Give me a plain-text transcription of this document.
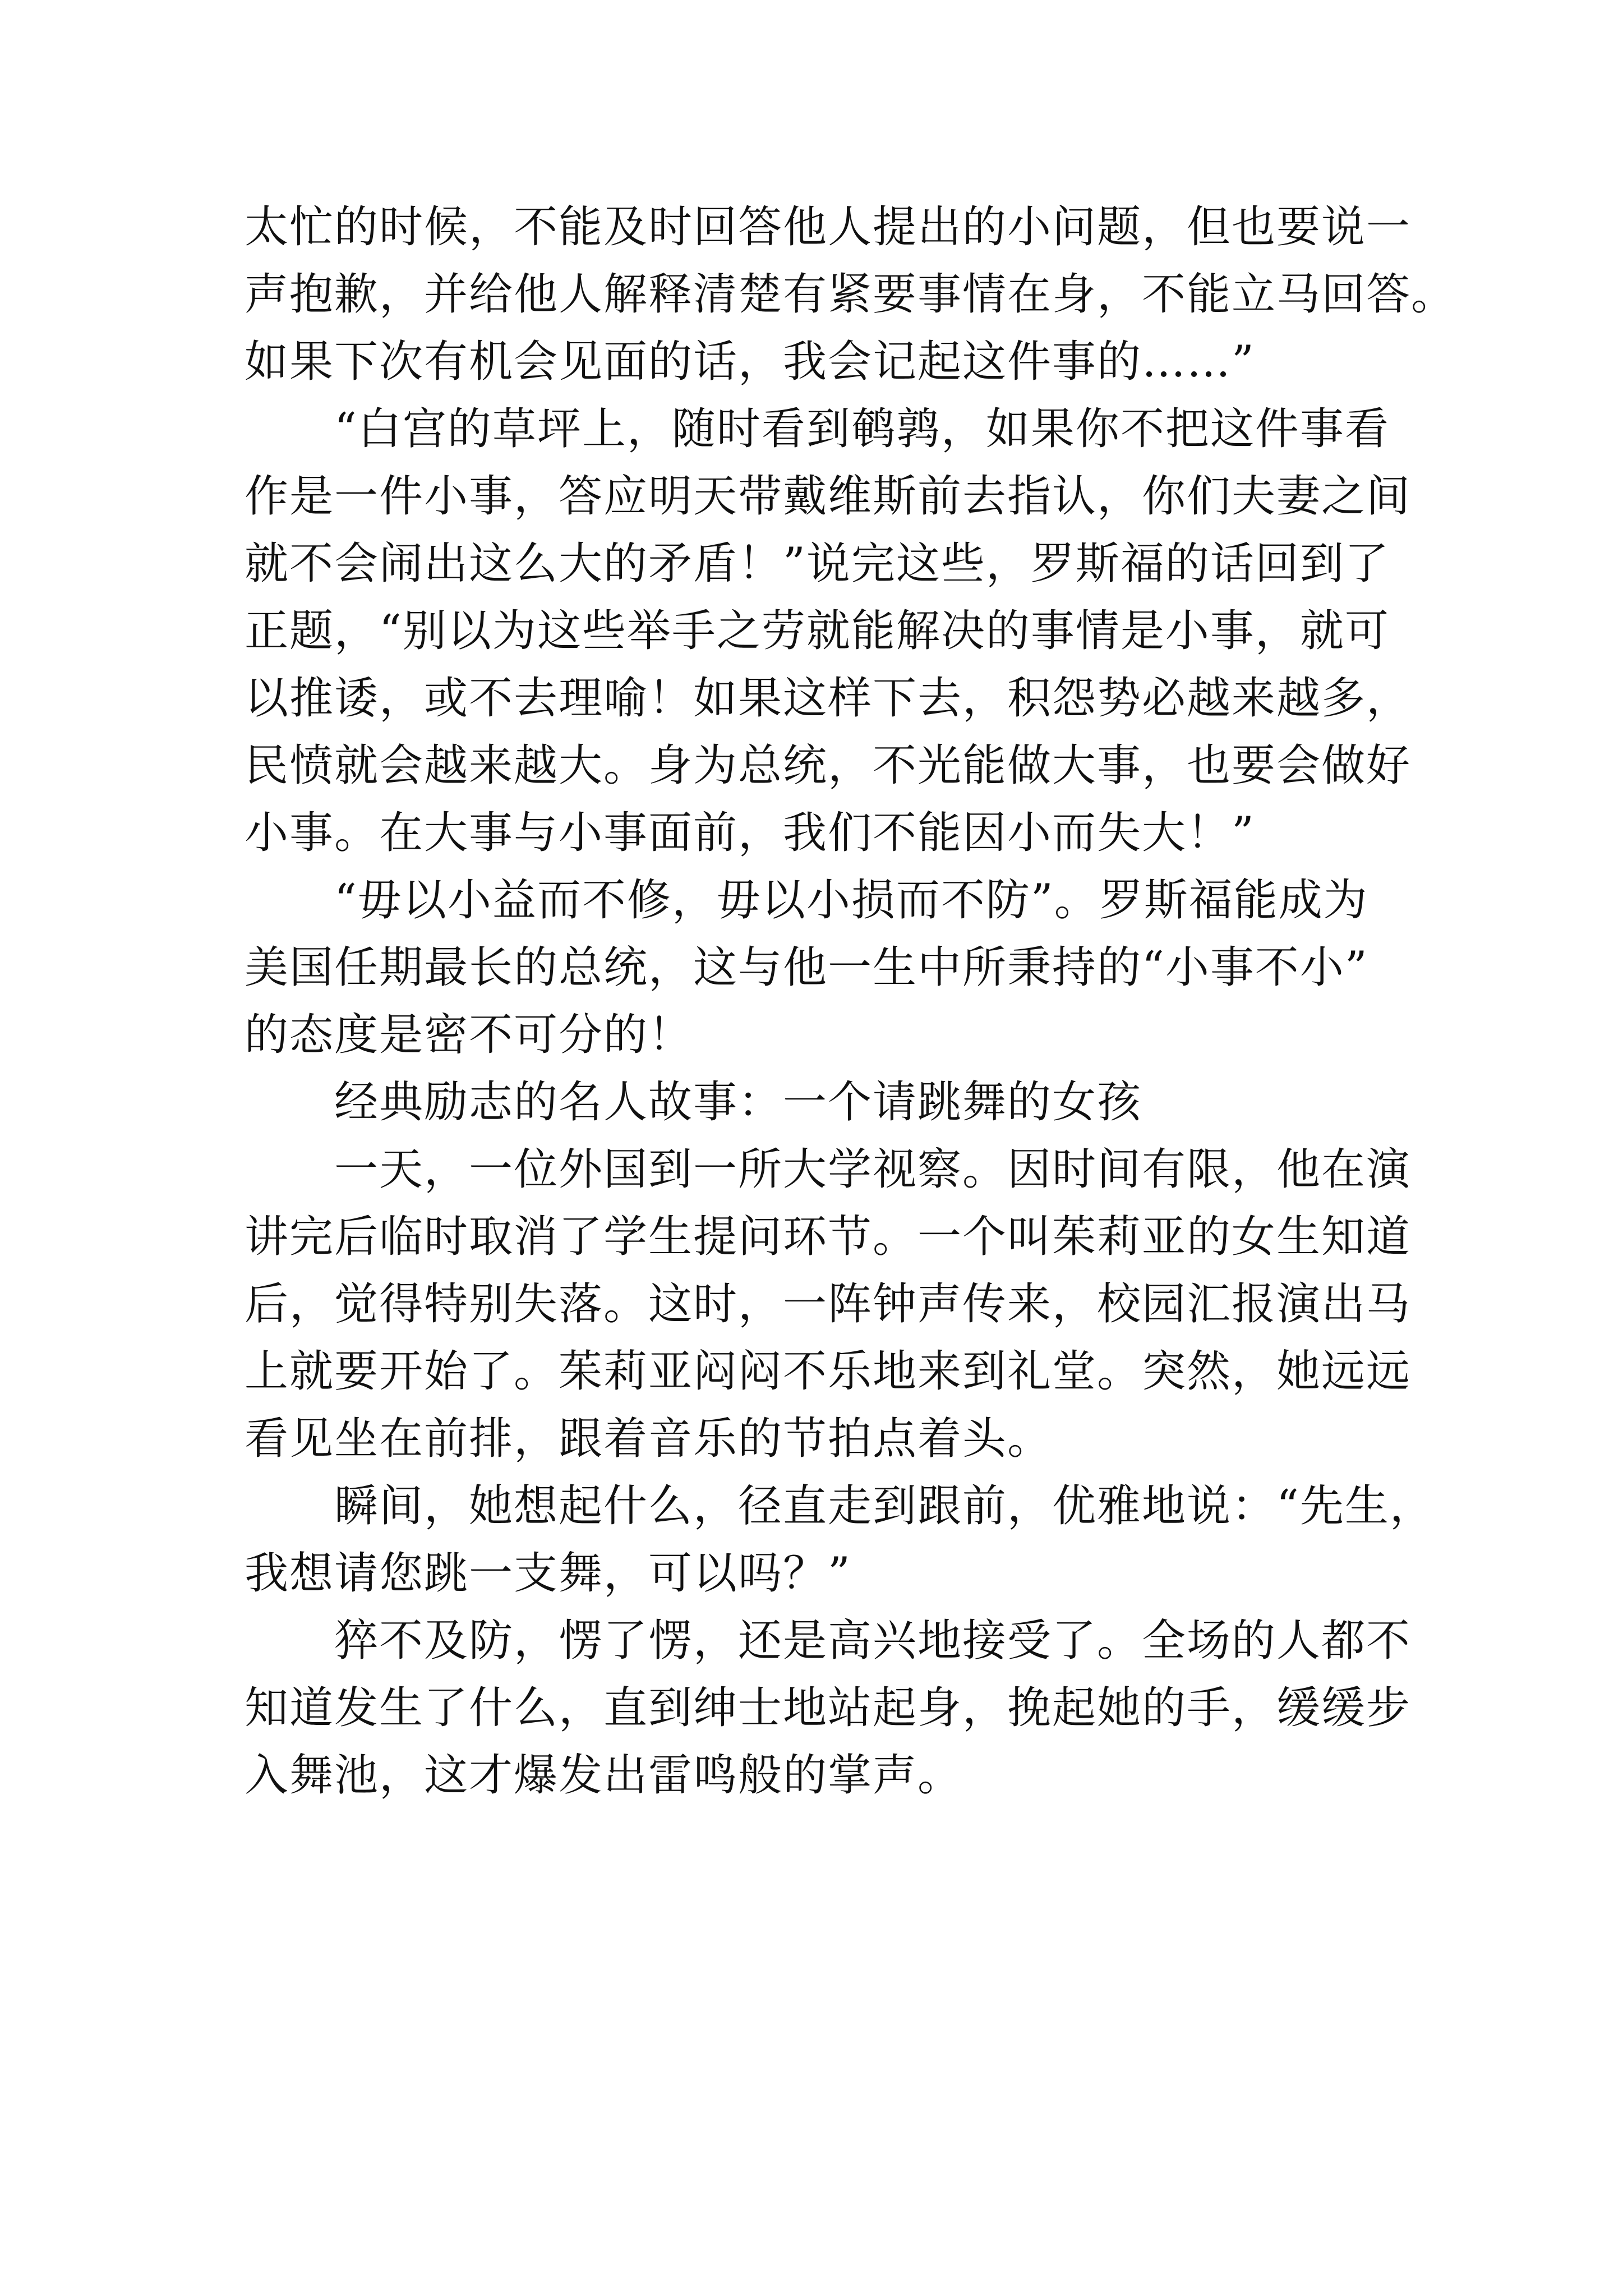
太忙的时候，不能及时回答他人提出的小问题，但也要说一
声抱歉，并给他人解释清楚有紧要事情在身，不能立马回答。
如果下次有机会见面的话，我会记起这件事的……”
　　“白宫的草坪上，随时看到鹌鹑，如果你不把这件事看
作是一件小事，答应明天带戴维斯前去指认，你们夫妻之间
就不会闹出这么大的矛盾！”说完这些，罗斯福的话回到了
正题，“别以为这些举手之劳就能解决的事情是小事，就可
以推诿，或不去理喻！如果这样下去，积怨势必越来越多，
民愤就会越来越大。身为总统，不光能做大事，也要会做好
小事。在大事与小事面前，我们不能因小而失大！”
　　“毋以小益而不修，毋以小损而不防”。罗斯福能成为
美国任期最长的总统，这与他一生中所秉持的“小事不小”
的态度是密不可分的！
　　经典励志的名人故事：一个请跳舞的女孩
　　一天，一位外国到一所大学视察。因时间有限，他在演
讲完后临时取消了学生提问环节。一个叫茱莉亚的女生知道
后，觉得特别失落。这时，一阵钟声传来，校园汇报演出马
上就要开始了。茱莉亚闷闷不乐地来到礼堂。突然，她远远
看见坐在前排，跟着音乐的节拍点着头。
　　瞬间，她想起什么，径直走到跟前，优雅地说：“先生，
我想请您跳一支舞，可以吗？”
　　猝不及防，愣了愣，还是高兴地接受了。全场的人都不
知道发生了什么，直到绅士地站起身，挽起她的手，缓缓步
入舞池，这才爆发出雷鸣般的掌声。
